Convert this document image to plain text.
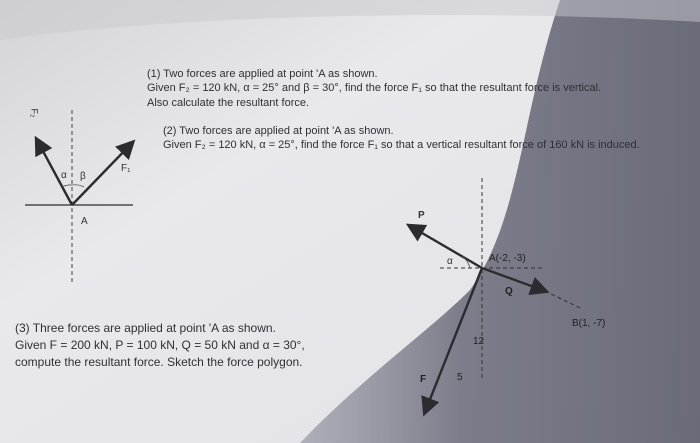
(1) Two forces are applied at point 'A as shown.
Given F₂ = 120 kN, α = 25° and β = 30°, find the force F₁ so that the resultant force is vertical.
Also calculate the resultant force.
(2) Two forces are applied at point 'A as shown.
Given F₂ = 120 kN, α = 25°, find the force F₁ so that a vertical resultant force of 160 kN is induced.
(3) Three forces are applied at point 'A as shown.
Given F = 200 kN, P = 100 kN, Q = 50 kN and α = 30°,
compute the resultant force. Sketch the force polygon.
F₂
F₁
α β
A
P
α	A(-2, -3)
Q
B(1, -7)
12
F	5
